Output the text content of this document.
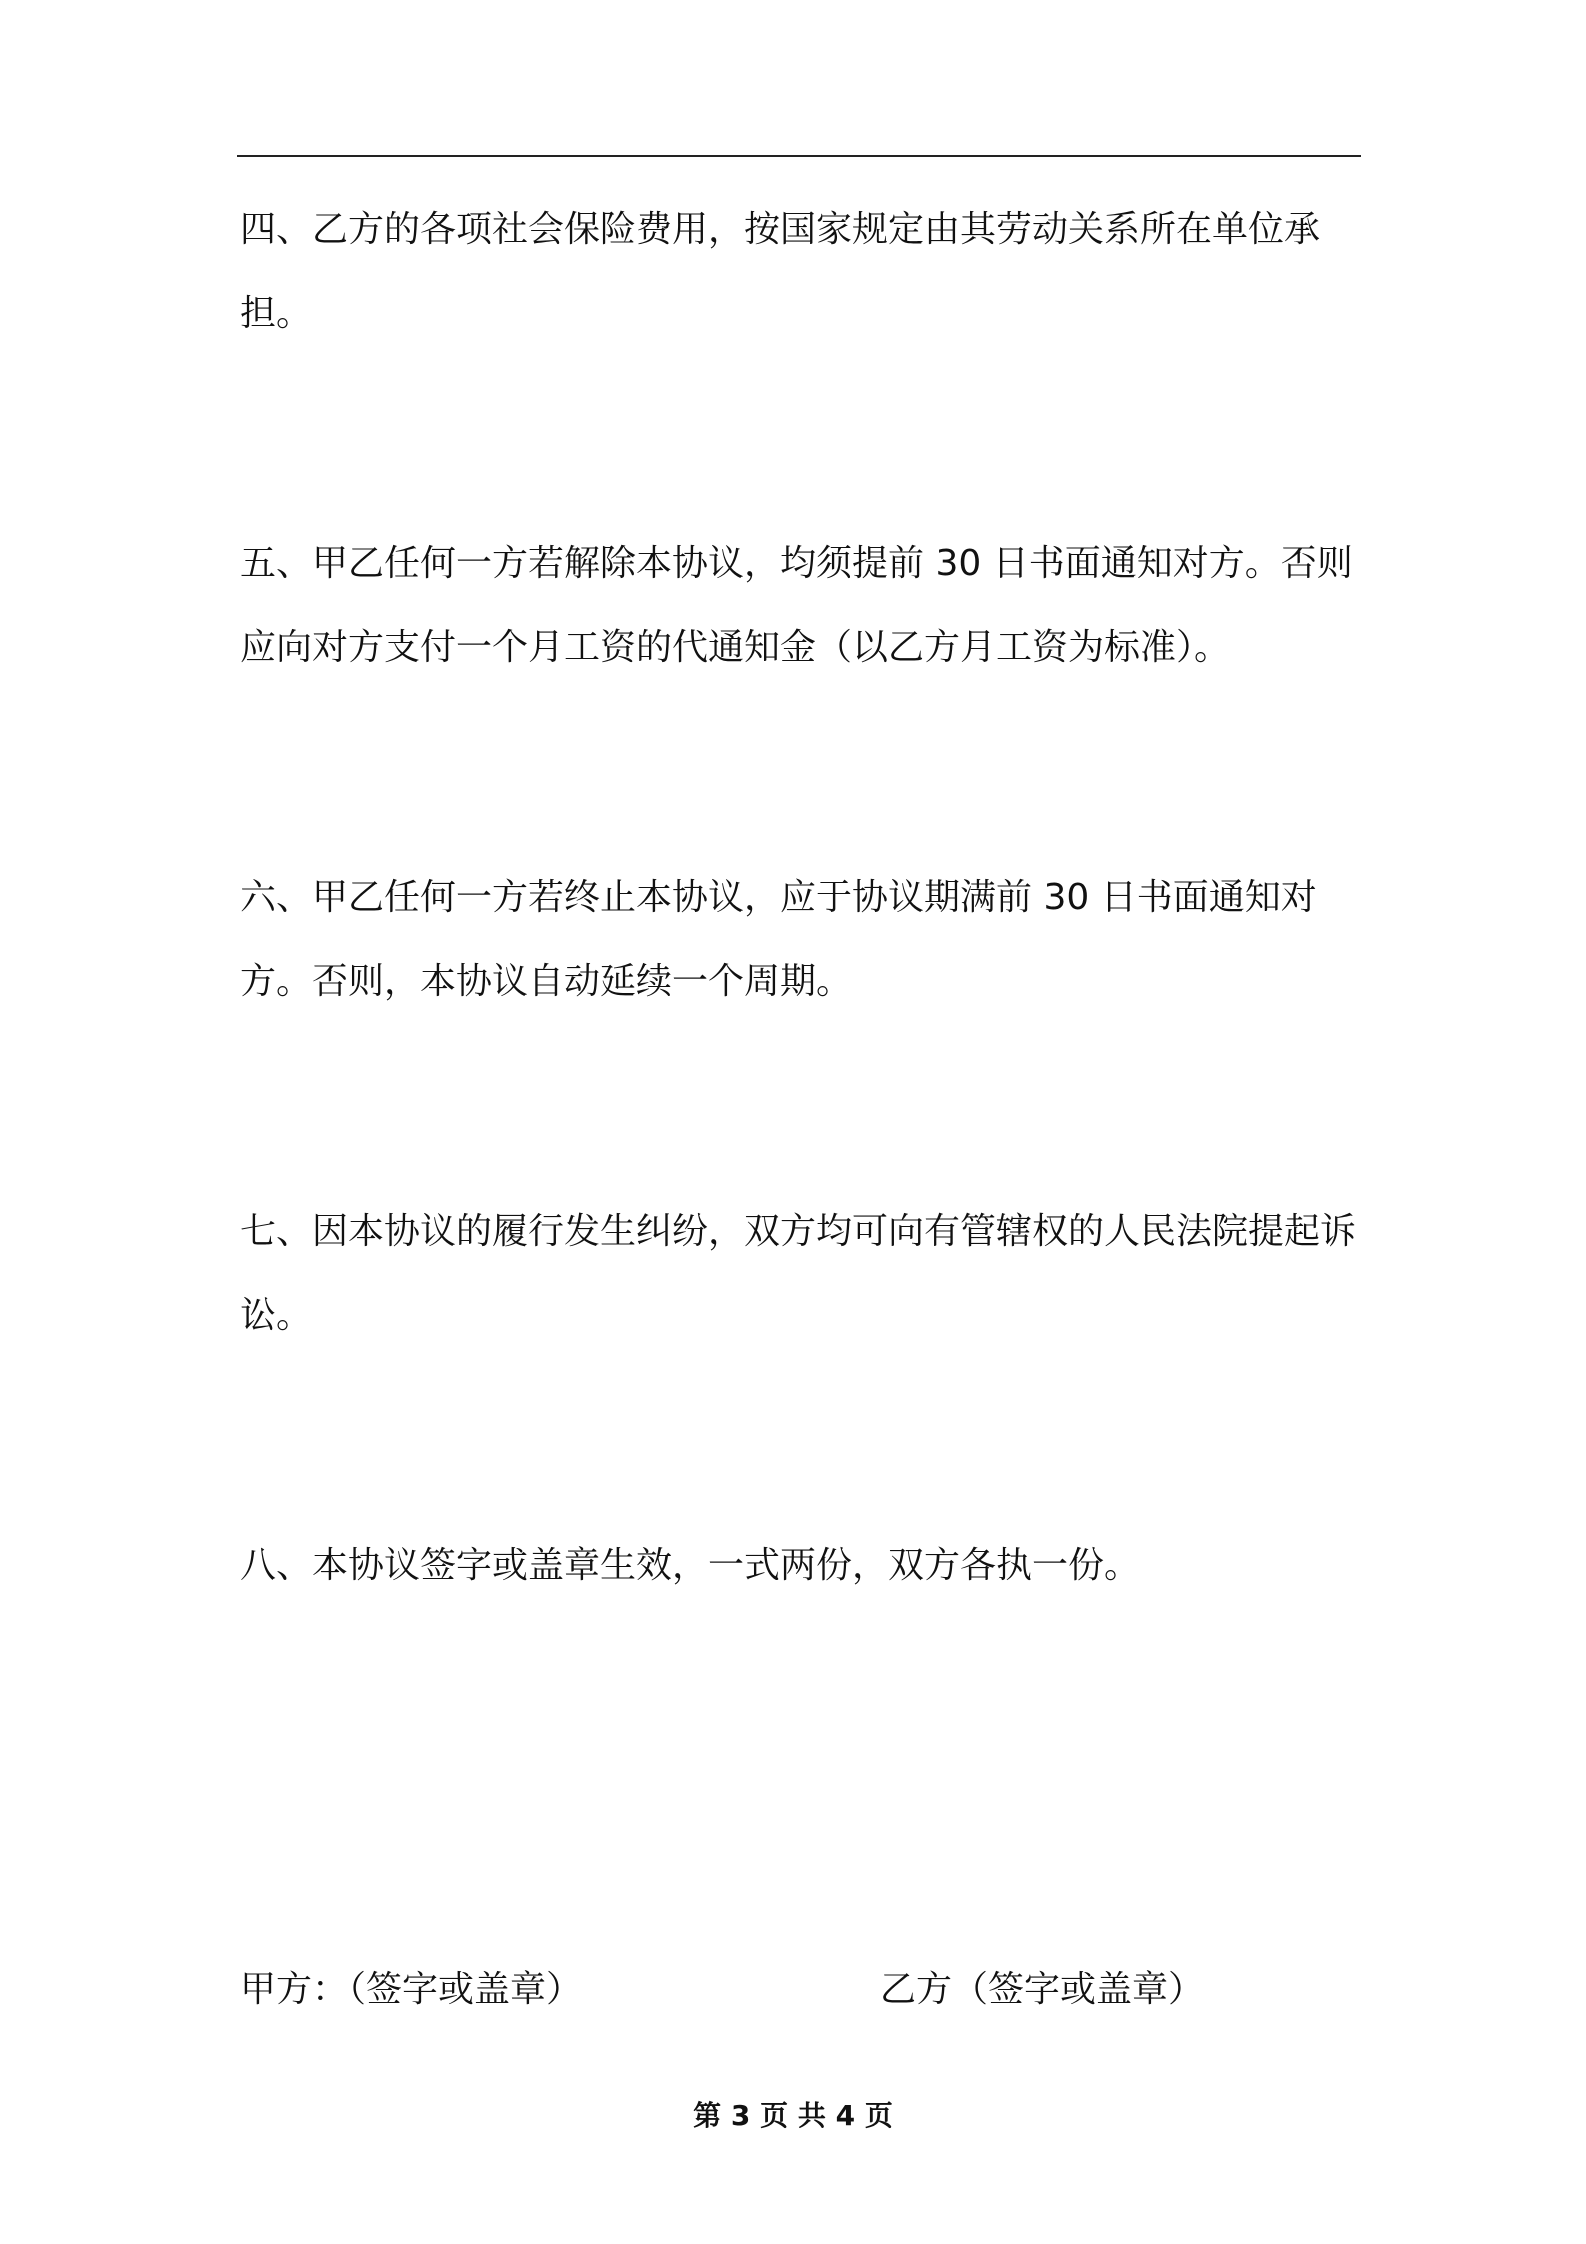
四、乙方的各项社会保险费用，按国家规定由其劳动关系所在单位承担。

五、甲乙任何一方若解除本协议，均须提前 30 日书面通知对方。否则应向对方支付一个月工资的代通知金（以乙方月工资为标准）。

六、甲乙任何一方若终止本协议，应于协议期满前 30 日书面通知对方。否则，本协议自动延续一个周期。

七、因本协议的履行发生纠纷，双方均可向有管辖权的人民法院提起诉讼。

八、本协议签字或盖章生效，一式两份，双方各执一份。

甲方：（签字或盖章）	乙方（签字或盖章）

第 3 页 共 4 页
